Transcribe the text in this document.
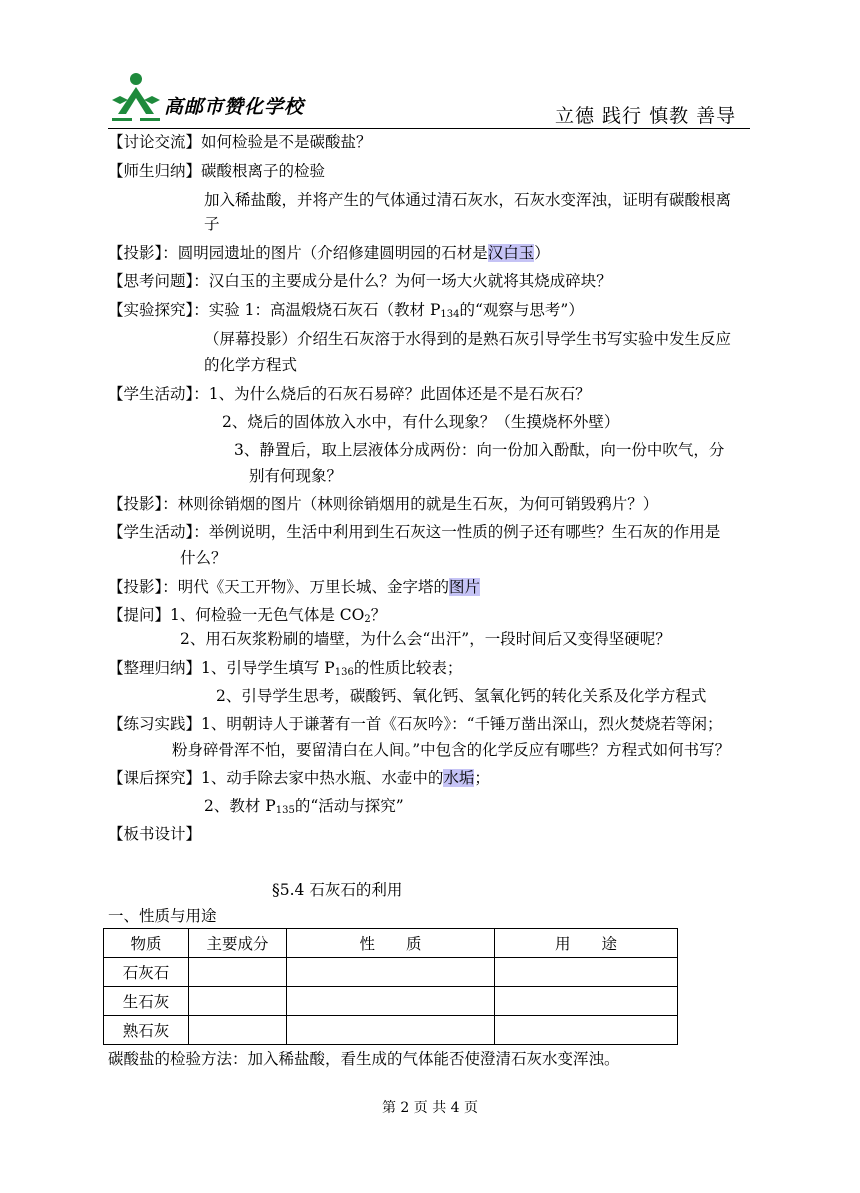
高邮市赞化学校	立德 践行 慎教 善导
【讨论交流】如何检验是不是碳酸盐？
【师生归纳】碳酸根离子的检验
加入稀盐酸，并将产生的气体通过清石灰水，石灰水变浑浊，证明有碳酸根离
子
【投影】：圆明园遗址的图片（介绍修建圆明园的石材是汉白玉）
【思考问题】：汉白玉的主要成分是什么？为何一场大火就将其烧成碎块？
【实验探究】：实验 1：高温煅烧石灰石（教材 $P_{134}$的“观察与思考”）
（屏幕投影）介绍生石灰溶于水得到的是熟石灰引导学生书写实验中发生反应
的化学方程式
【学生活动】：1、为什么烧后的石灰石易碎？此固体还是不是石灰石？
2、烧后的固体放入水中，有什么现象？（生摸烧杯外壁）
3、静置后，取上层液体分成两份：向一份加入酚酞，向一份中吹气，分
别有何现象？
【投影】：林则徐销烟的图片（林则徐销烟用的就是生石灰，为何可销毁鸦片？）
【学生活动】：举例说明，生活中利用到生石灰这一性质的例子还有哪些？生石灰的作用是
什么？
【投影】：明代《天工开物》、万里长城、金字塔的图片
【提问】1、何检验一无色气体是 $CO_2$？
2、用石灰浆粉刷的墙壁，为什么会“出汗”，一段时间后又变得坚硬呢？
【整理归纳】1、引导学生填写 $P_{136}$的性质比较表；
2、引导学生思考，碳酸钙、氧化钙、氢氧化钙的转化关系及化学方程式
【练习实践】1、明朝诗人于谦著有一首《石灰吟》：“千锤万凿出深山，烈火焚烧若等闲；
粉身碎骨浑不怕，要留清白在人间。”中包含的化学反应有哪些？方程式如何书写？
【课后探究】1、动手除去家中热水瓶、水壶中的水垢；
2、教材 $P_{135}$的“活动与探究”
【板书设计】
§5.4 石灰石的利用
一、性质与用途
物质	主要成分	性　　质	用　　途
石灰石			
生石灰			
熟石灰			
碳酸盐的检验方法：加入稀盐酸，看生成的气体能否使澄清石灰水变浑浊。
第 2 页 共 4 页
